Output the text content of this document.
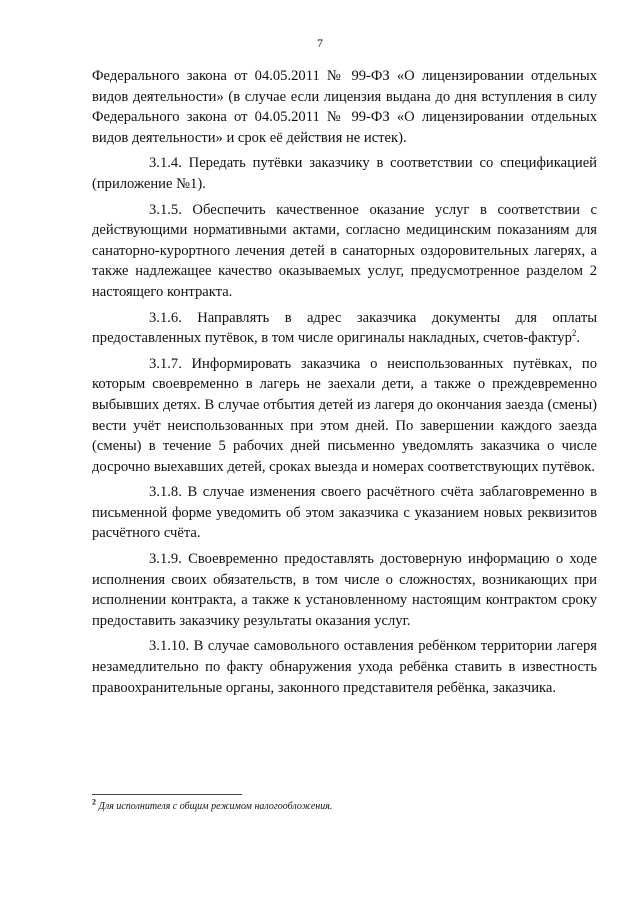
7

Федерального закона от 04.05.2011 № 99-ФЗ «О лицензировании отдельных видов деятельности» (в случае если лицензия выдана до дня вступления в силу Федерального закона от 04.05.2011 № 99-ФЗ «О лицензировании отдельных видов деятельности» и срок её действия не истек).

3.1.4. Передать путёвки заказчику в соответствии со спецификацией (приложение №1).

3.1.5. Обеспечить качественное оказание услуг в соответствии с действующими нормативными актами, согласно медицинским показаниям для санаторно-курортного лечения детей в санаторных оздоровительных лагерях, а также надлежащее качество оказываемых услуг, предусмотренное разделом 2 настоящего контракта.

3.1.6. Направлять в адрес заказчика документы для оплаты предоставленных путёвок, в том числе оригиналы накладных, счетов-фактур$^2$.

3.1.7. Информировать заказчика о неиспользованных путёвках, по которым своевременно в лагерь не заехали дети, а также о преждевременно выбывших детях. В случае отбытия детей из лагеря до окончания заезда (смены) вести учёт неиспользованных при этом дней. По завершении каждого заезда (смены) в течение 5 рабочих дней письменно уведомлять заказчика о числе досрочно выехавших детей, сроках выезда и номерах соответствующих путёвок.

3.1.8. В случае изменения своего расчётного счёта заблаговременно в письменной форме уведомить об этом заказчика с указанием новых реквизитов расчётного счёта.

3.1.9. Своевременно предоставлять достоверную информацию о ходе исполнения своих обязательств, в том числе о сложностях, возникающих при исполнении контракта, а также к установленному настоящим контрактом сроку предоставить заказчику результаты оказания услуг.

3.1.10. В случае самовольного оставления ребёнком территории лагеря незамедлительно по факту обнаружения ухода ребёнка ставить в известность правоохранительные органы, законного представителя ребёнка, заказчика.

$^2$ Для исполнителя с общим режимом налогообложения.
